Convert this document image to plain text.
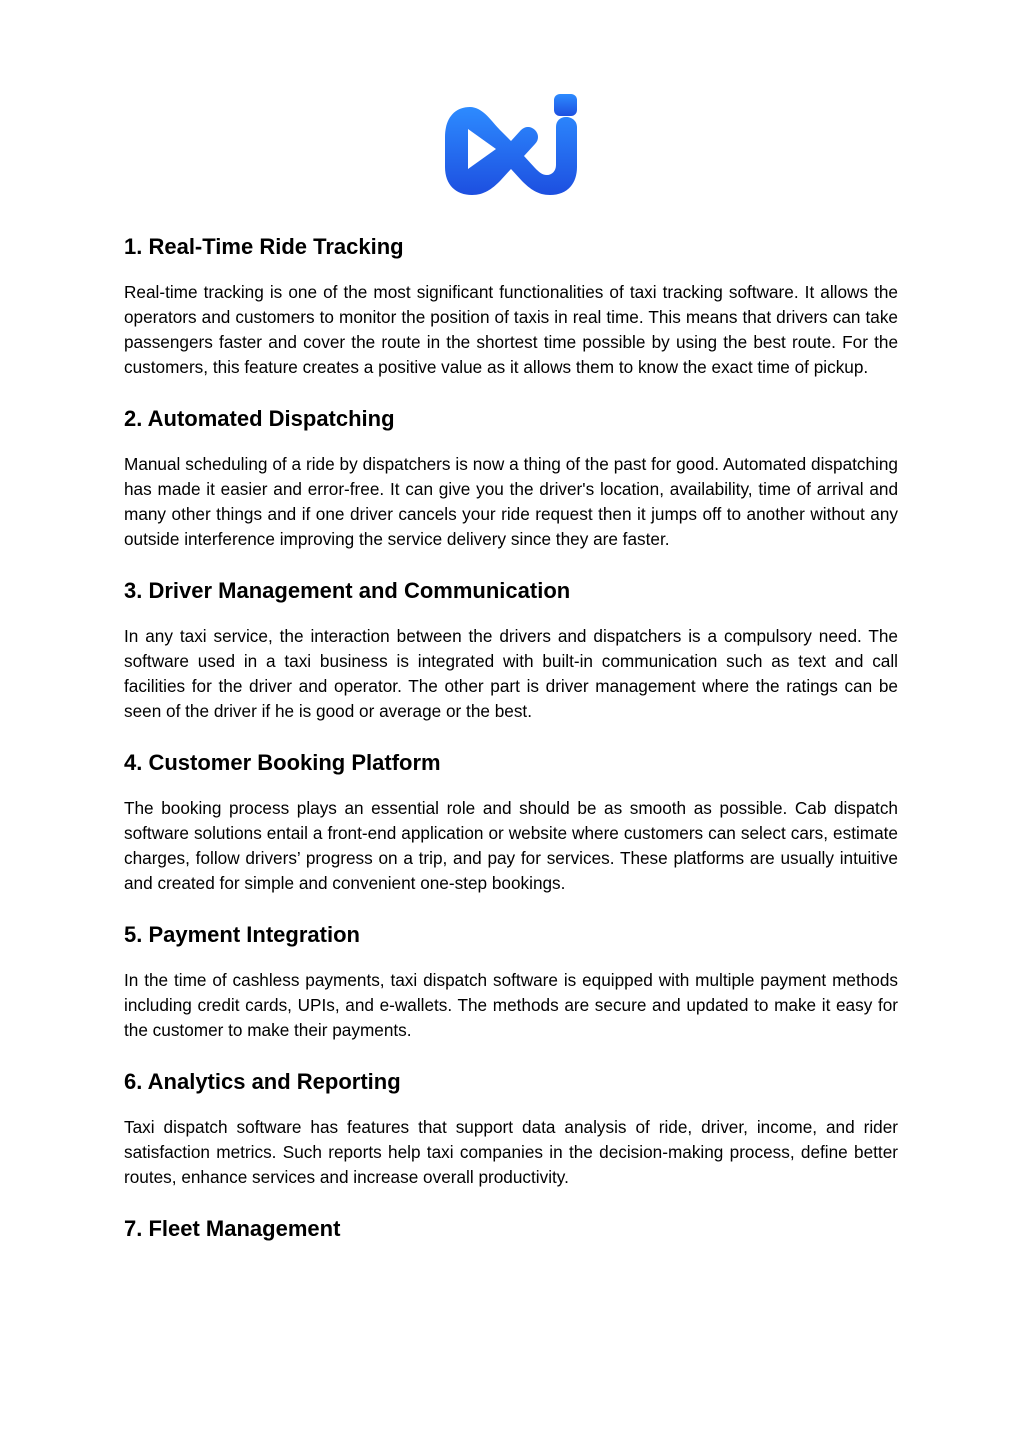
1. Real-Time Ride Tracking

Real-time tracking is one of the most significant functionalities of taxi tracking software. It allows the operators and customers to monitor the position of taxis in real time. This means that drivers can take passengers faster and cover the route in the shortest time possible by using the best route. For the customers, this feature creates a positive value as it allows them to know the exact time of pickup.

2. Automated Dispatching

Manual scheduling of a ride by dispatchers is now a thing of the past for good. Automated dispatching has made it easier and error-free. It can give you the driver's location, availability, time of arrival and many other things and if one driver cancels your ride request then it jumps off to another without any outside interference improving the service delivery since they are faster.

3. Driver Management and Communication

In any taxi service, the interaction between the drivers and dispatchers is a compulsory need. The software used in a taxi business is integrated with built-in communication such as text and call facilities for the driver and operator. The other part is driver management where the ratings can be seen of the driver if he is good or average or the best.

4. Customer Booking Platform

The booking process plays an essential role and should be as smooth as possible. Cab dispatch software solutions entail a front-end application or website where customers can select cars, estimate charges, follow drivers’ progress on a trip, and pay for services. These platforms are usually intuitive and created for simple and convenient one-step bookings.

5. Payment Integration

In the time of cashless payments, taxi dispatch software is equipped with multiple payment methods including credit cards, UPIs, and e-wallets. The methods are secure and updated to make it easy for the customer to make their payments.

6. Analytics and Reporting

Taxi dispatch software has features that support data analysis of ride, driver, income, and rider satisfaction metrics. Such reports help taxi companies in the decision-making process, define better routes, enhance services and increase overall productivity.

7. Fleet Management
